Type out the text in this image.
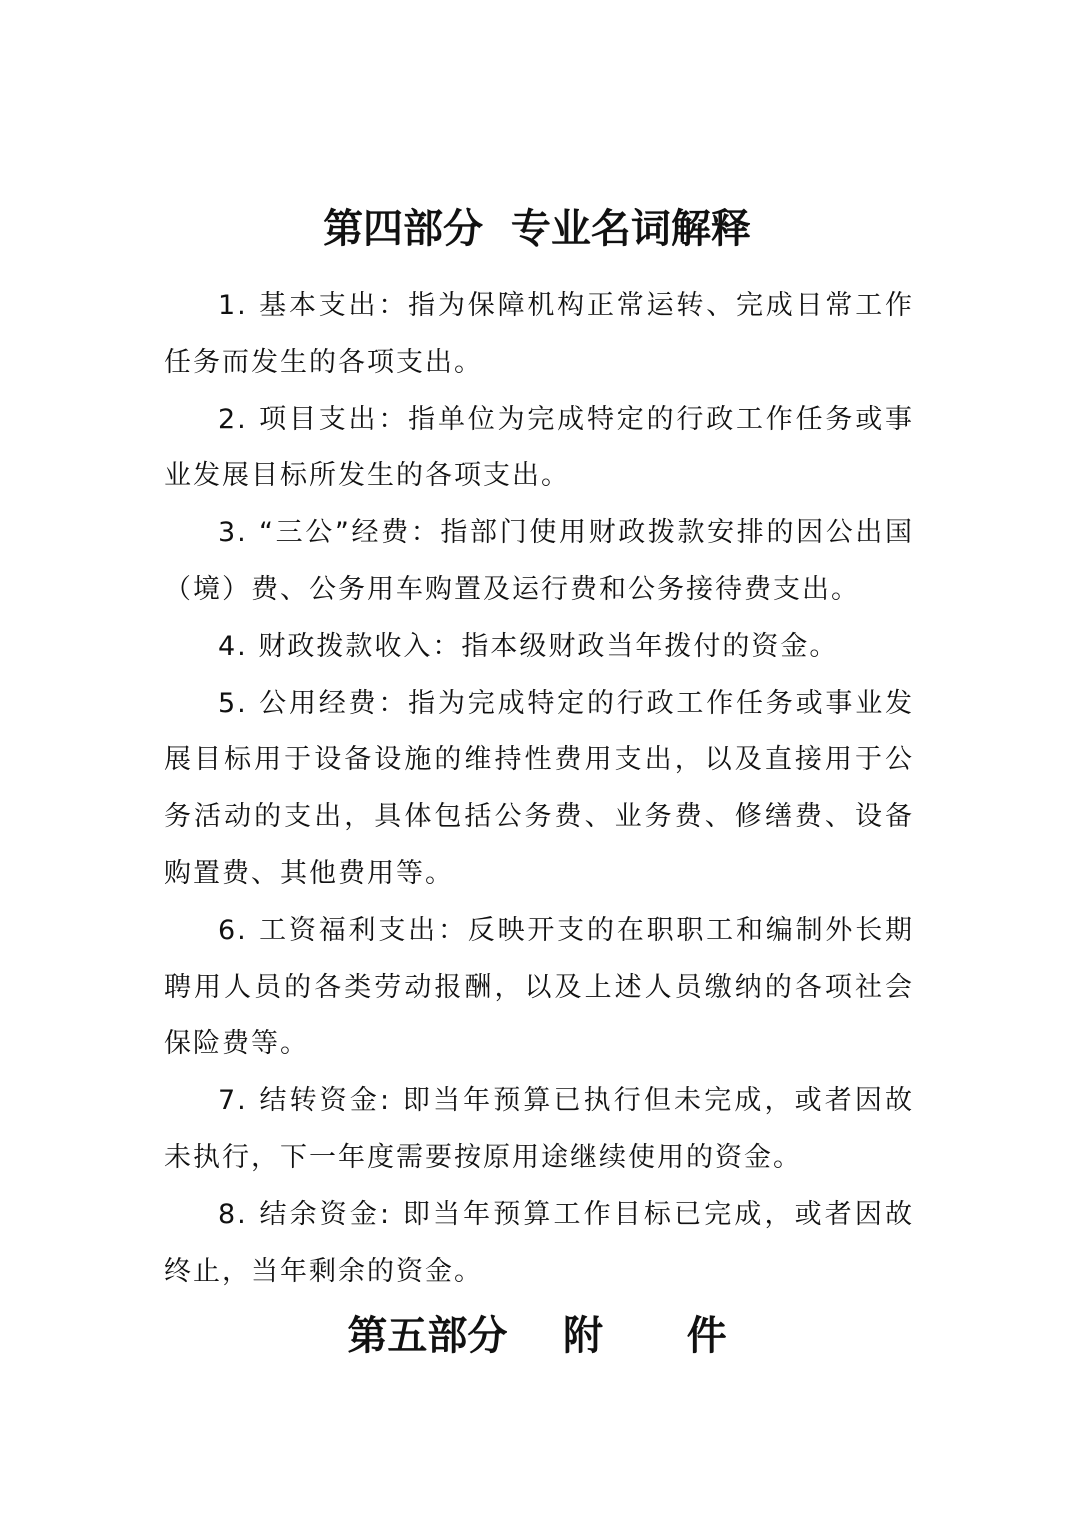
第四部分  专业名词解释

1. 基本支出：指为保障机构正常运转、完成日常工作任务而发生的各项支出。

2. 项目支出：指单位为完成特定的行政工作任务或事业发展目标所发生的各项支出。

3. “三公”经费：指部门使用财政拨款安排的因公出国（境）费、公务用车购置及运行费和公务接待费支出。

4. 财政拨款收入：指本级财政当年拨付的资金。

5. 公用经费：指为完成特定的行政工作任务或事业发展目标用于设备设施的维持性费用支出，以及直接用于公务活动的支出，具体包括公务费、业务费、修缮费、设备购置费、其他费用等。

6. 工资福利支出：反映开支的在职职工和编制外长期聘用人员的各类劳动报酬，以及上述人员缴纳的各项社会保险费等。

7. 结转资金: 即当年预算已执行但未完成，或者因故未执行，下一年度需要按原用途继续使用的资金。

8. 结余资金: 即当年预算工作目标已完成，或者因故终止，当年剩余的资金。

第五部分    附      件
